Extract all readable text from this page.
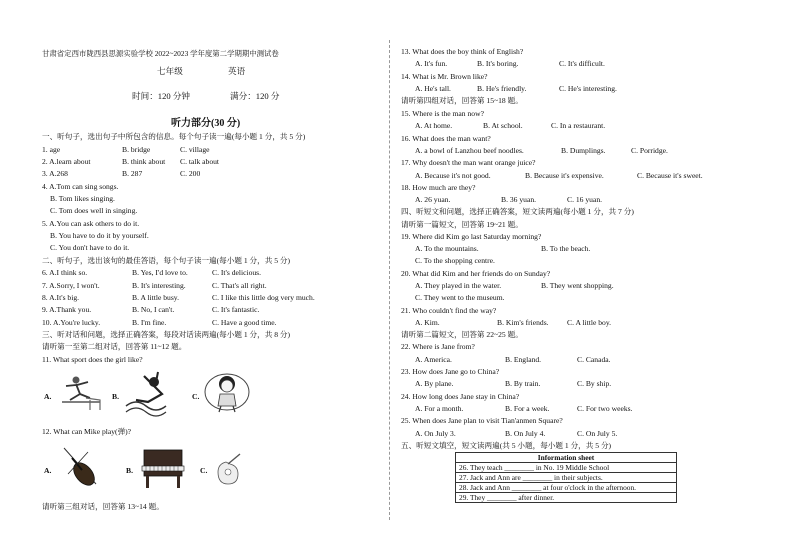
甘肃省定西市陇西县思源实验学校 2022~2023 学年度第二学期期中测试卷
七年级	英语
时间：120 分钟	满分：120 分
听力部分(30 分)
一、听句子，选出句子中所包含的信息。每个句子读一遍(每小题 1 分，共 5 分)
1. age	B. bridge	C. village
2. A.learn about	B. think about C. talk about
3. A.268	B. 287	C. 200
4. A.Tom can sing songs.
B. Tom likes singing.
C. Tom does well in singing.
5. A.You can ask others to do it.
B. You have to do it by yourself.
C. You don't have to do it.
二、听句子，选出该句的最佳答语，每个句子读一遍(每小题 1 分，共 5 分)
6. A.I think so.	B. Yes, I'd love to.	C. It's delicious.
7. A.Sorry, I won't.	B. It's interesting.	C. That's all right.
8. A.It's big.	B. A little busy.	C. I like this little dog very much.
9. A.Thank you.	B. No, I can't.	C. It's fantastic.
10. A.You're lucky.	B. I'm fine.	C. Have a good time.
三、听对话和问题，选择正确答案，每段对话读两遍(每小题 1 分，共 8 分)
请听第一至第二组对话，回答第 11~12 题。
11. What sport does the girl like?
A.	B.	C.
12. What can Mike play(弹)?
A.	B.	C.
请听第三组对话，回答第 13~14 题。
13. What does the boy think of English?
A. It's fun.	B. It's boring.	C. It's difficult.
14. What is Mr. Brown like?
A. He's tall.	B. He's friendly.	C. He's interesting.
请听第四组对话，回答第 15~18 题。
15. Where is the man now?
A. At home.	B. At school.	C. In a restaurant.
16. What does the man want?
A. a bowl of Lanzhou beef noodles.	B. Dumplings.	C. Porridge.
17. Why doesn't the man want orange juice?
A. Because it's not good.	B. Because it's expensive.	C. Because it's sweet.
18. How much are they?
A. 26 yuan.	B. 36 yuan.	C. 16 yuan.
四、听短文和问题，选择正确答案，短文读两遍(每小题 1 分，共 7 分)
请听第一篇短文，回答第 19~21 题。
19. Where did Kim go last Saturday morning?
A. To the mountains.	B. To the beach.
C. To the shopping centre.
20. What did Kim and her friends do on Sunday?
A. They played in the water.	B. They went shopping.
C. They went to the museum.
21. Who couldn't find the way?
A. Kim.	B. Kim's friends. C. A little boy.
请听第二篇短文，回答第 22~25 题。
22. Where is Jane from?
A. America.	B. England.	C. Canada.
23. How does Jane go to China?
A. By plane.	B. By train.	C. By ship.
24. How long does Jane stay in China?
A. For a month.	B. For a week.	C. For two weeks.
25. When does Jane plan to visit Tian'anmen Square?
A. On July 3.	B. On July 4.	C. On July 5.
五、听短文填空，短文读两遍(共 5 小题，每小题 1 分，共 5 分)
Information sheet
26. They teach ________ in No. 19 Middle School
27. Jack and Ann are ________ in their subjects.
28. Jack and Ann ________ at four o'clock in the afternoon.
29. They ________ after dinner.
